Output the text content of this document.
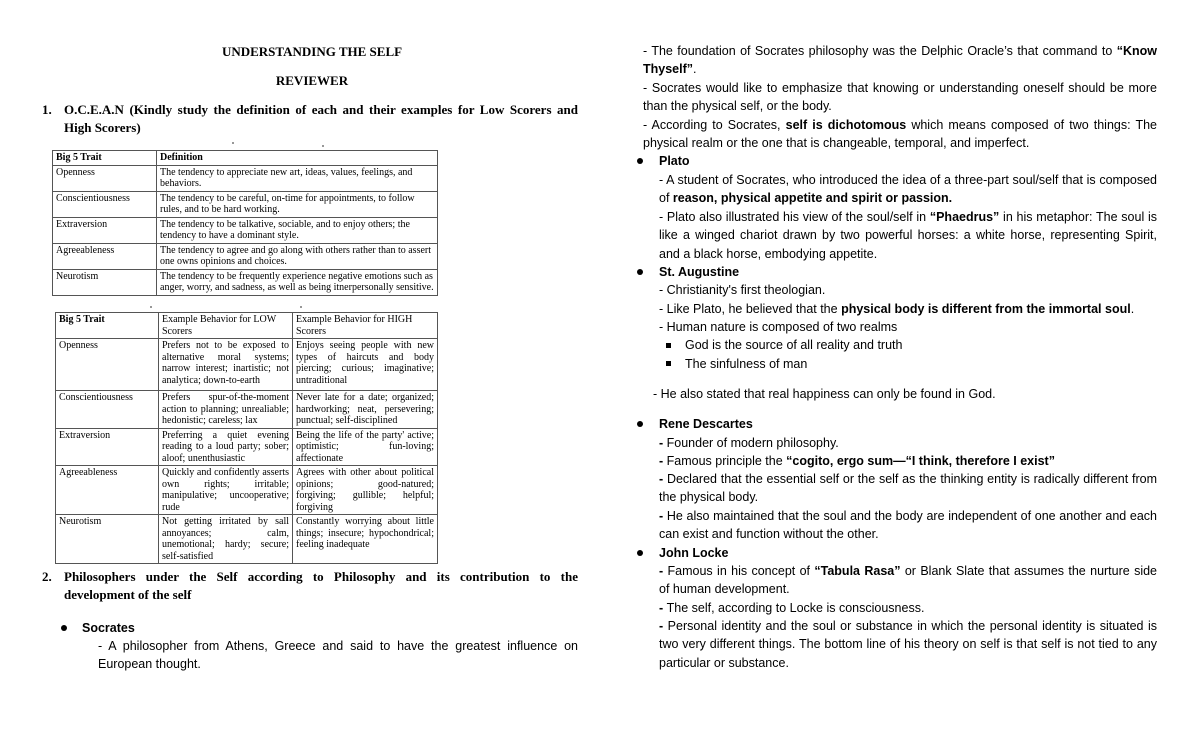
UNDERSTANDING THE SELF
REVIEWER
1. O.C.E.A.N (Kindly study the definition of each and their examples for Low Scorers and
High Scorers)
Big 5 Trait	Definition
Openness	The tendency to appreciate new art, ideas, values, feelings, and behaviors.
Conscientiousness	The tendency to be careful, on-time for appointments, to follow rules, and to be hard working.
Extraversion	The tendency to be talkative, sociable, and to enjoy others; the tendency to have a dominant style.
Agreeableness	The tendency to agree and go along with others rather than to assert one owns opinions and choices.
Neurotism	The tendency to be frequently experience negative emotions such as anger, worry, and sadness, as well as being itnerpersonally sensitive.
Big 5 Trait	Example Behavior for LOW Scorers	Example Behavior for HIGH Scorers
Openness	Prefers not to be exposed to alternative moral systems; narrow interest; inartistic; not analytica; down-to-earth	Enjoys seeing people with new types of haircuts and body piercing; curious; imaginative; untraditional
Conscientiousness	Prefers spur-of-the-moment action to planning; unrealiable; hedonistic; careless; lax	Never late for a date; organized; hardworking; neat, persevering; punctual; self-disciplined
Extraversion	Preferring a quiet evening reading to a loud party; sober; aloof; unenthusiastic	Being the life of the party' active; optimistic; fun-loving; affectionate
Agreeableness	Quickly and confidently asserts own rights; irritable; manipulative; uncooperative; rude	Agrees with other about political opinions; good-natured; forgiving; gullible; helpful; forgiving
Neurotism	Not getting irritated by sall annoyances; calm, unemotional; hardy; secure; self-satisfied	Constantly worrying about little things; insecure; hypochondrical; feeling inadequate
2. Philosophers under the Self according to Philosophy and its contribution to the
development of the self
Socrates
- A philosopher from Athens, Greece and said to have the greatest influence on European thought.
- The foundation of Socrates philosophy was the Delphic Oracle’s that command to “Know Thyself”.
- Socrates would like to emphasize that knowing or understanding oneself should be more than the physical self, or the body.
- According to Socrates, self is dichotomous which means composed of two things: The physical realm or the one that is changeable, temporal, and imperfect.
Plato
- A student of Socrates, who introduced the idea of a three-part soul/self that is composed of reason, physical appetite and spirit or passion.
- Plato also illustrated his view of the soul/self in “Phaedrus” in his metaphor: The soul is like a winged chariot drawn by two powerful horses: a white horse, representing Spirit, and a black horse, embodying appetite.
St. Augustine
- Christianity's first theologian.
- Like Plato, he believed that the physical body is different from the immortal soul.
- Human nature is composed of two realms
God is the source of all reality and truth
The sinfulness of man
- He also stated that real happiness can only be found in God.
Rene Descartes
- Founder of modern philosophy.
- Famous principle the “cogito, ergo sum—“I think, therefore I exist”
- Declared that the essential self or the self as the thinking entity is radically different from the physical body.
- He also maintained that the soul and the body are independent of one another and each can exist and function without the other.
John Locke
- Famous in his concept of “Tabula Rasa” or Blank Slate that assumes the nurture side of human development.
- The self, according to Locke is consciousness.
- Personal identity and the soul or substance in which the personal identity is situated is two very different things. The bottom line of his theory on self is that self is not tied to any particular or substance.
